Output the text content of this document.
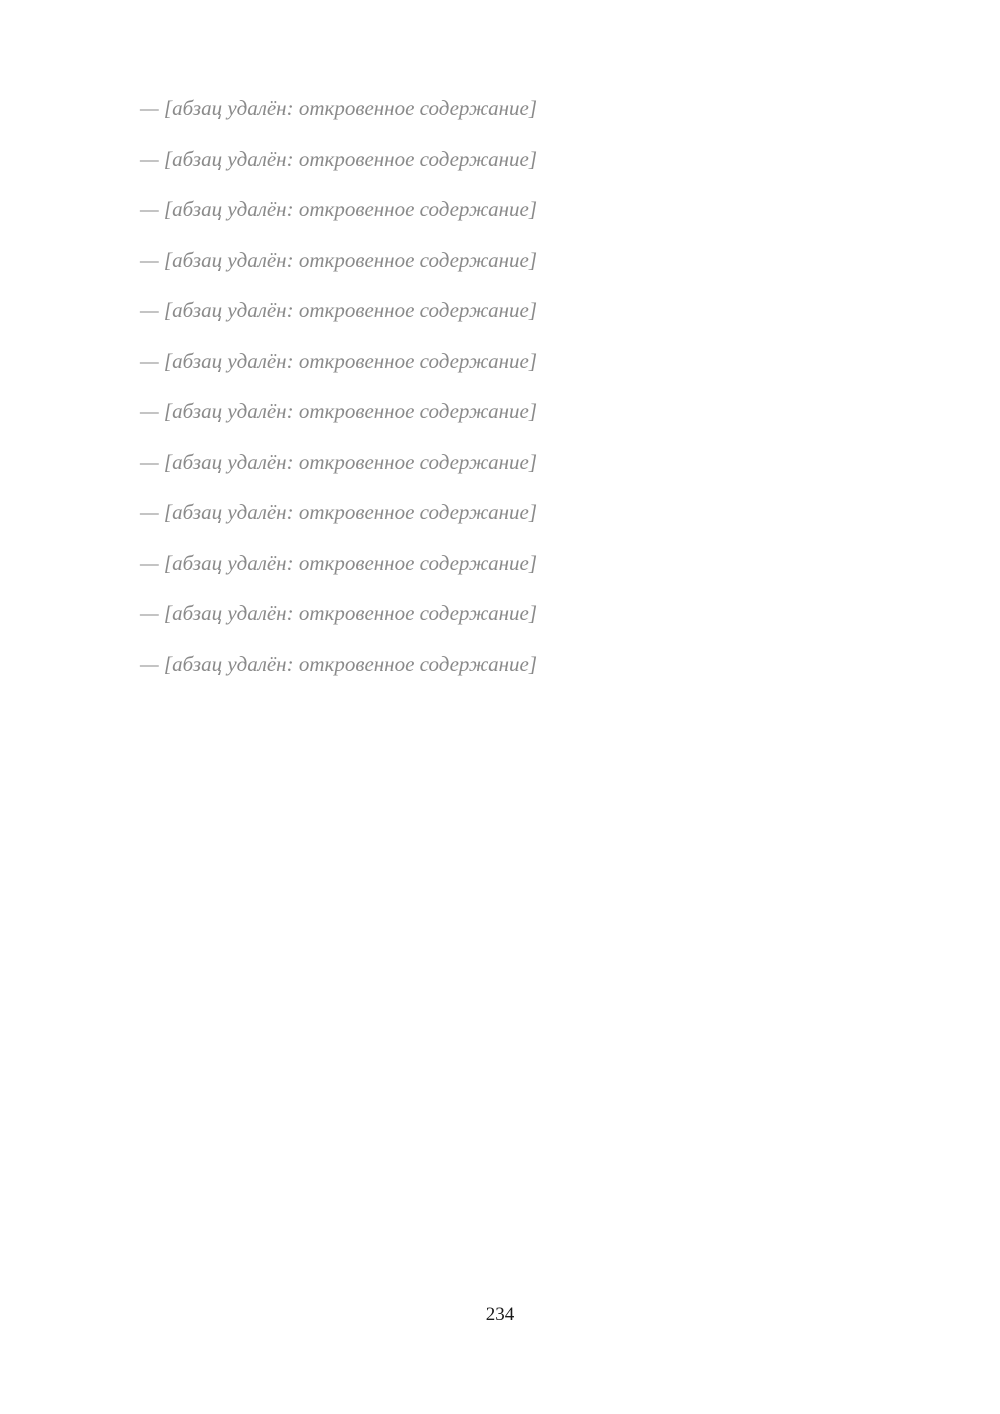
— [абзац удалён: откровенное содержание]

— [абзац удалён: откровенное содержание]

— [абзац удалён: откровенное содержание]

— [абзац удалён: откровенное содержание]

— [абзац удалён: откровенное содержание]

— [абзац удалён: откровенное содержание]

— [абзац удалён: откровенное содержание]

— [абзац удалён: откровенное содержание]

— [абзац удалён: откровенное содержание]

— [абзац удалён: откровенное содержание]

— [абзац удалён: откровенное содержание]

— [абзац удалён: откровенное содержание]

234
